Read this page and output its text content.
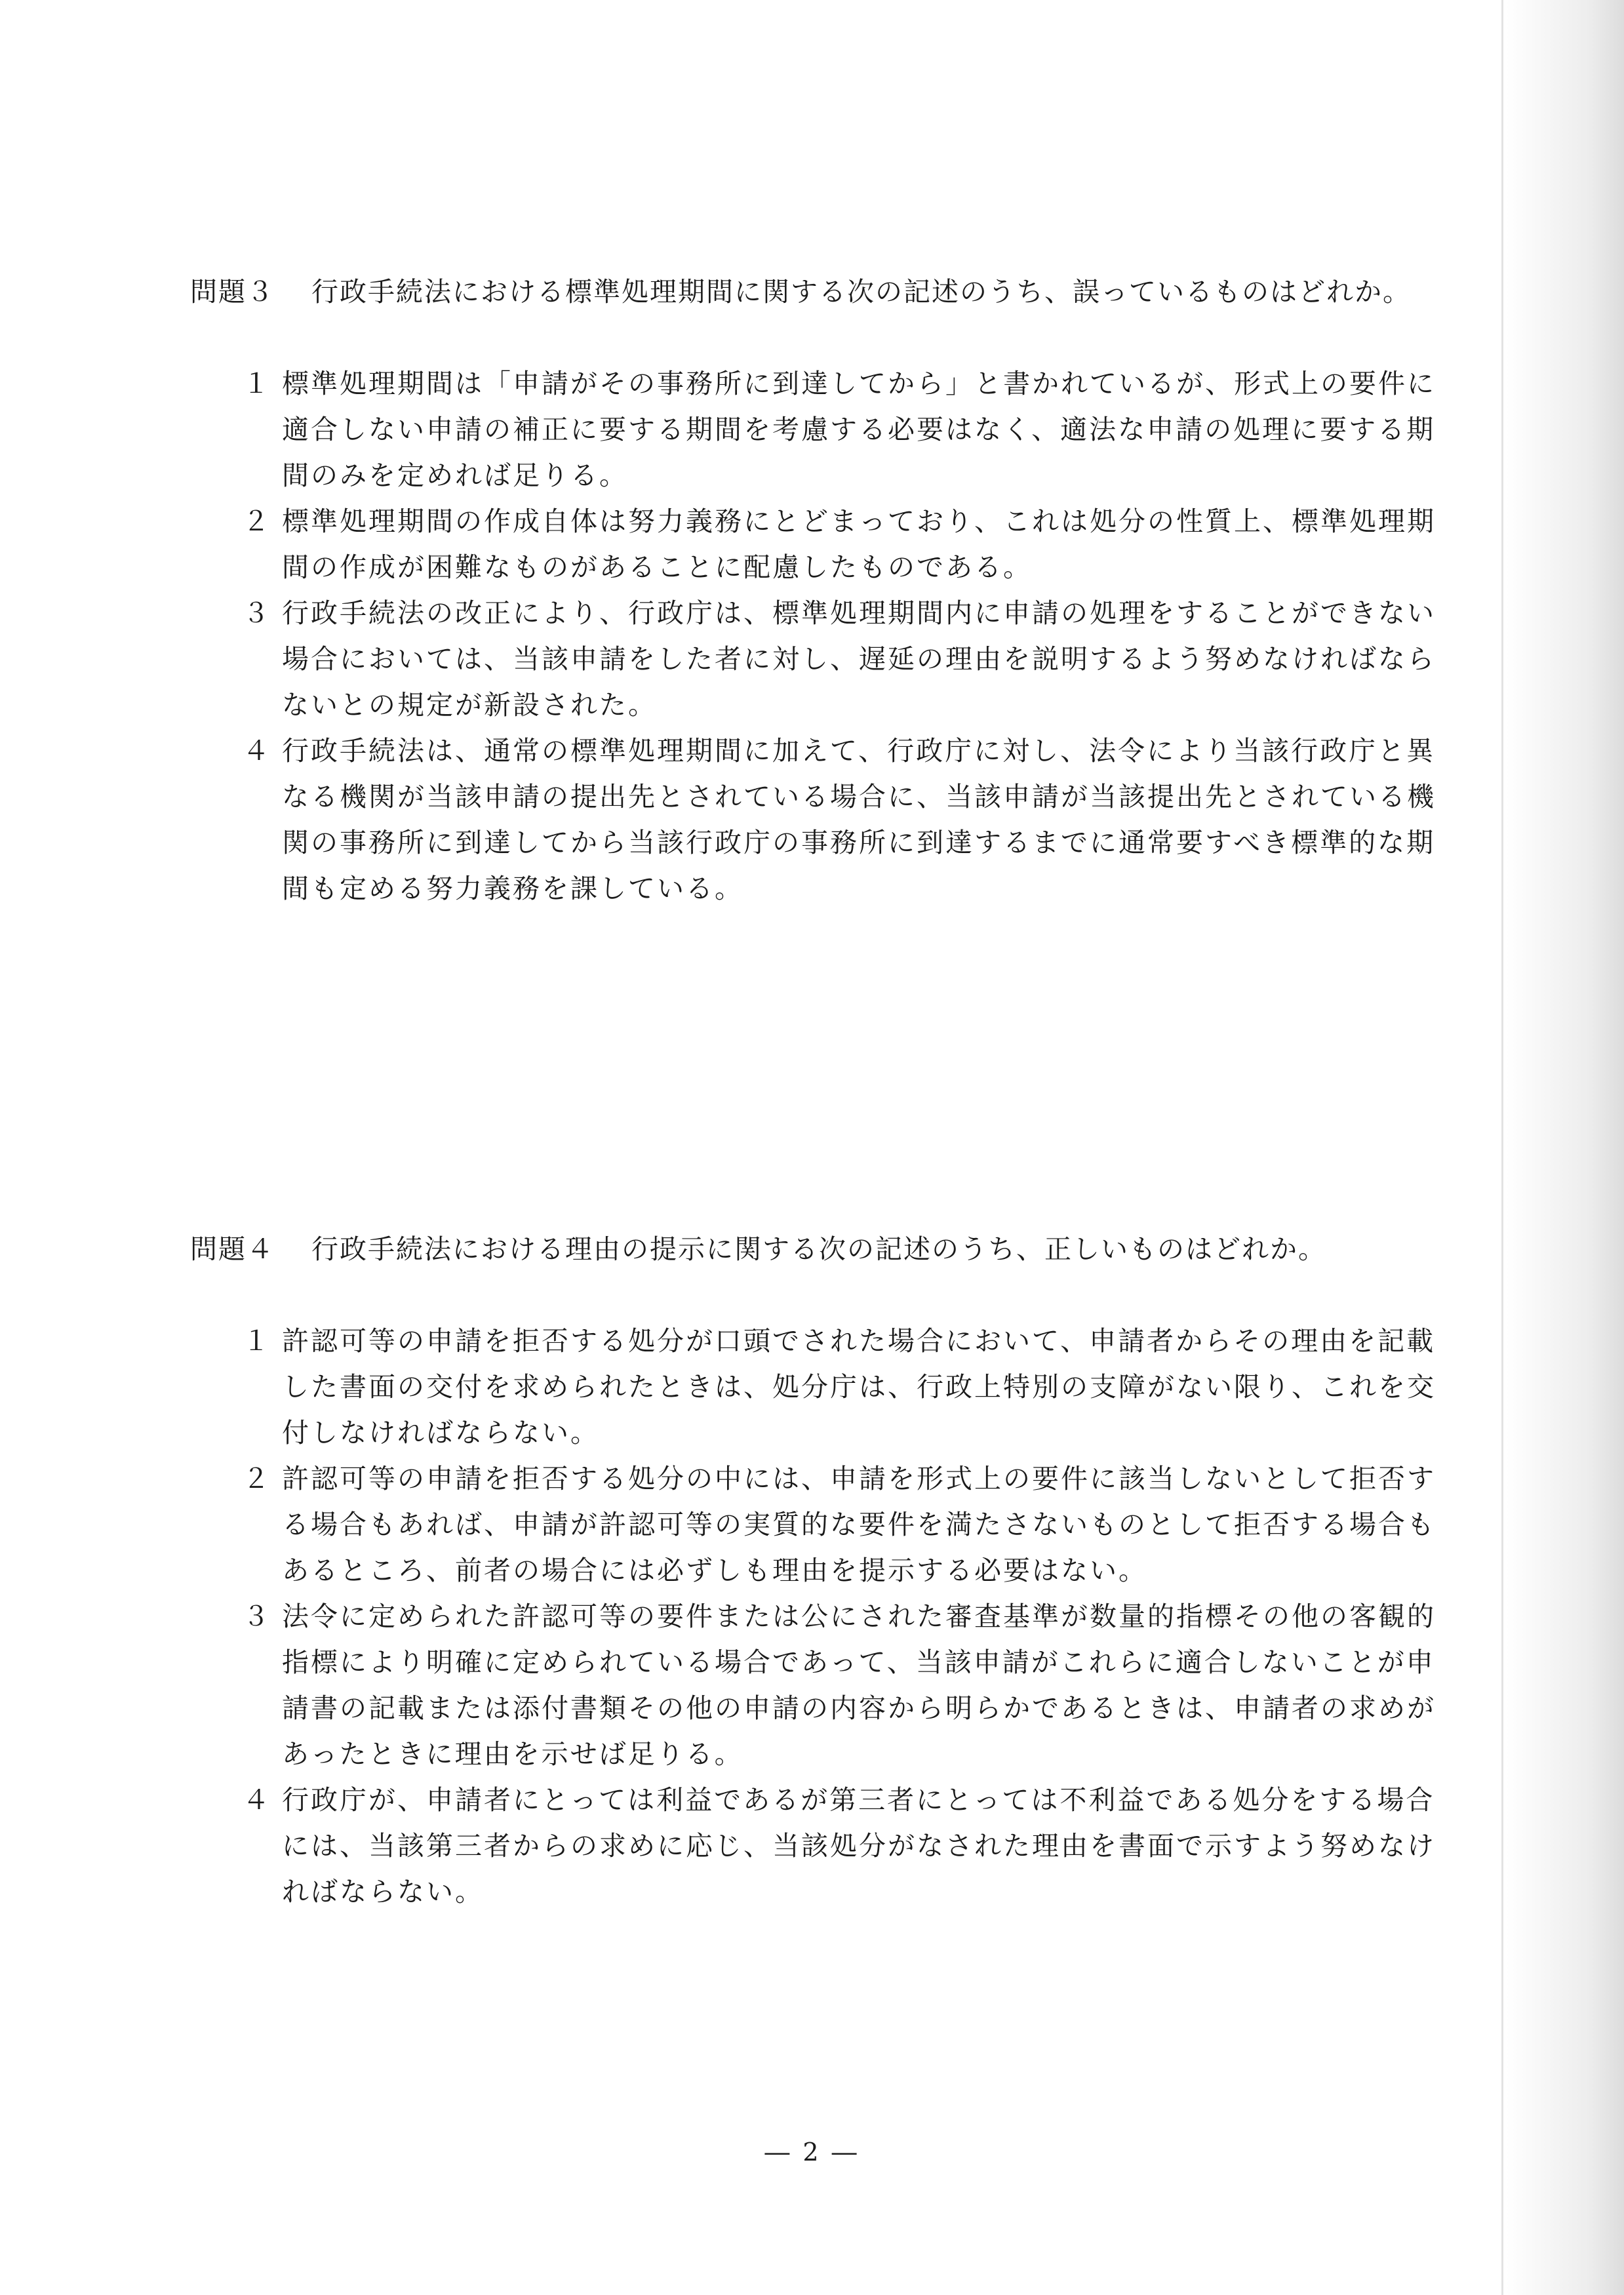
問題３ 行政手続法における標準処理期間に関する次の記述のうち、誤っているものはどれか。
１ 標準処理期間は「申請がその事務所に到達してから」と書かれているが、形式上の要件に適合しない申請の補正に要する期間を考慮する必要はなく、適法な申請の処理に要する期間のみを定めれば足りる。
２ 標準処理期間の作成自体は努力義務にとどまっており、これは処分の性質上、標準処理期間の作成が困難なものがあることに配慮したものである。
３ 行政手続法の改正により、行政庁は、標準処理期間内に申請の処理をすることができない場合においては、当該申請をした者に対し、遅延の理由を説明するよう努めなければならないとの規定が新設された。
４ 行政手続法は、通常の標準処理期間に加えて、行政庁に対し、法令により当該行政庁と異なる機関が当該申請の提出先とされている場合に、当該申請が当該提出先とされている機関の事務所に到達してから当該行政庁の事務所に到達するまでに通常要すべき標準的な期間も定める努力義務を課している。
問題４ 行政手続法における理由の提示に関する次の記述のうち、正しいものはどれか。
１ 許認可等の申請を拒否する処分が口頭でされた場合において、申請者からその理由を記載した書面の交付を求められたときは、処分庁は、行政上特別の支障がない限り、これを交付しなければならない。
２ 許認可等の申請を拒否する処分の中には、申請を形式上の要件に該当しないとして拒否する場合もあれば、申請が許認可等の実質的な要件を満たさないものとして拒否する場合もあるところ、前者の場合には必ずしも理由を提示する必要はない。
３ 法令に定められた許認可等の要件または公にされた審査基準が数量的指標その他の客観的指標により明確に定められている場合であって、当該申請がこれらに適合しないことが申請書の記載または添付書類その他の申請の内容から明らかであるときは、申請者の求めがあったときに理由を示せば足りる。
４ 行政庁が、申請者にとっては利益であるが第三者にとっては不利益である処分をする場合には、当該第三者からの求めに応じ、当該処分がなされた理由を書面で示すよう努めなければならない。
― 2 ―
